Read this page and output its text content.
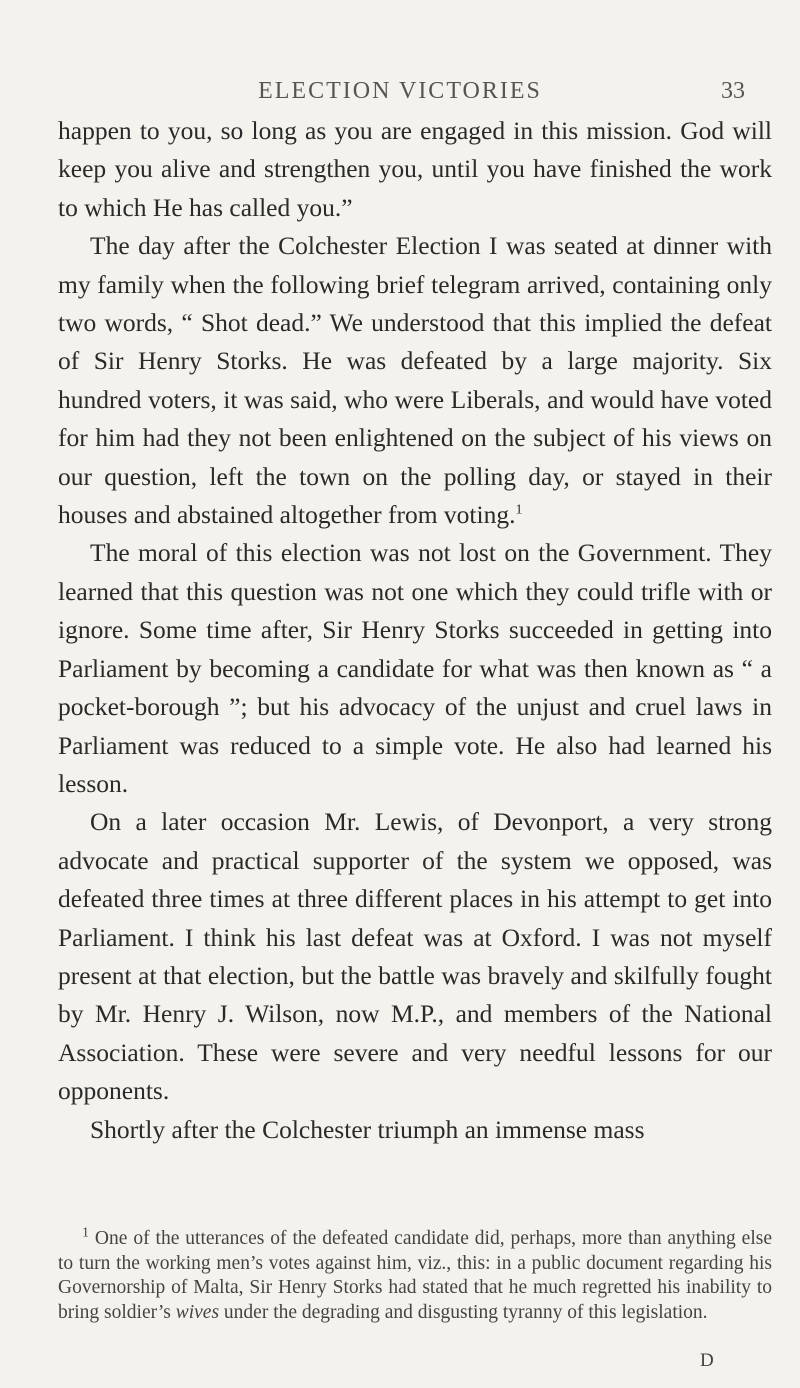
ELECTION VICTORIES	33

happen to you, so long as you are engaged in this mission. God will keep you alive and strengthen you, until you have finished the work to which He has called you.”

The day after the Colchester Election I was seated at dinner with my family when the following brief telegram arrived, containing only two words, “ Shot dead.” We understood that this implied the defeat of Sir Henry Storks. He was defeated by a large majority. Six hundred voters, it was said, who were Liberals, and would have voted for him had they not been enlightened on the subject of his views on our question, left the town on the polling day, or stayed in their houses and abstained altogether from voting.$^1$

The moral of this election was not lost on the Government. They learned that this question was not one which they could trifle with or ignore. Some time after, Sir Henry Storks succeeded in getting into Parliament by becoming a candidate for what was then known as “ a pocket-borough ”; but his advocacy of the unjust and cruel laws in Parliament was reduced to a simple vote. He also had learned his lesson.

On a later occasion Mr. Lewis, of Devonport, a very strong advocate and practical supporter of the system we opposed, was defeated three times at three different places in his attempt to get into Parliament. I think his last defeat was at Oxford. I was not myself present at that election, but the battle was bravely and skilfully fought by Mr. Henry J. Wilson, now M.P., and members of the National Association. These were severe and very needful lessons for our opponents.

Shortly after the Colchester triumph an immense mass

$^1$ One of the utterances of the defeated candidate did, perhaps, more than anything else to turn the working men’s votes against him, viz., this: in a public document regarding his Governorship of Malta, Sir Henry Storks had stated that he much regretted his inability to bring soldier’s wives under the degrading and disgusting tyranny of this legislation.

D
